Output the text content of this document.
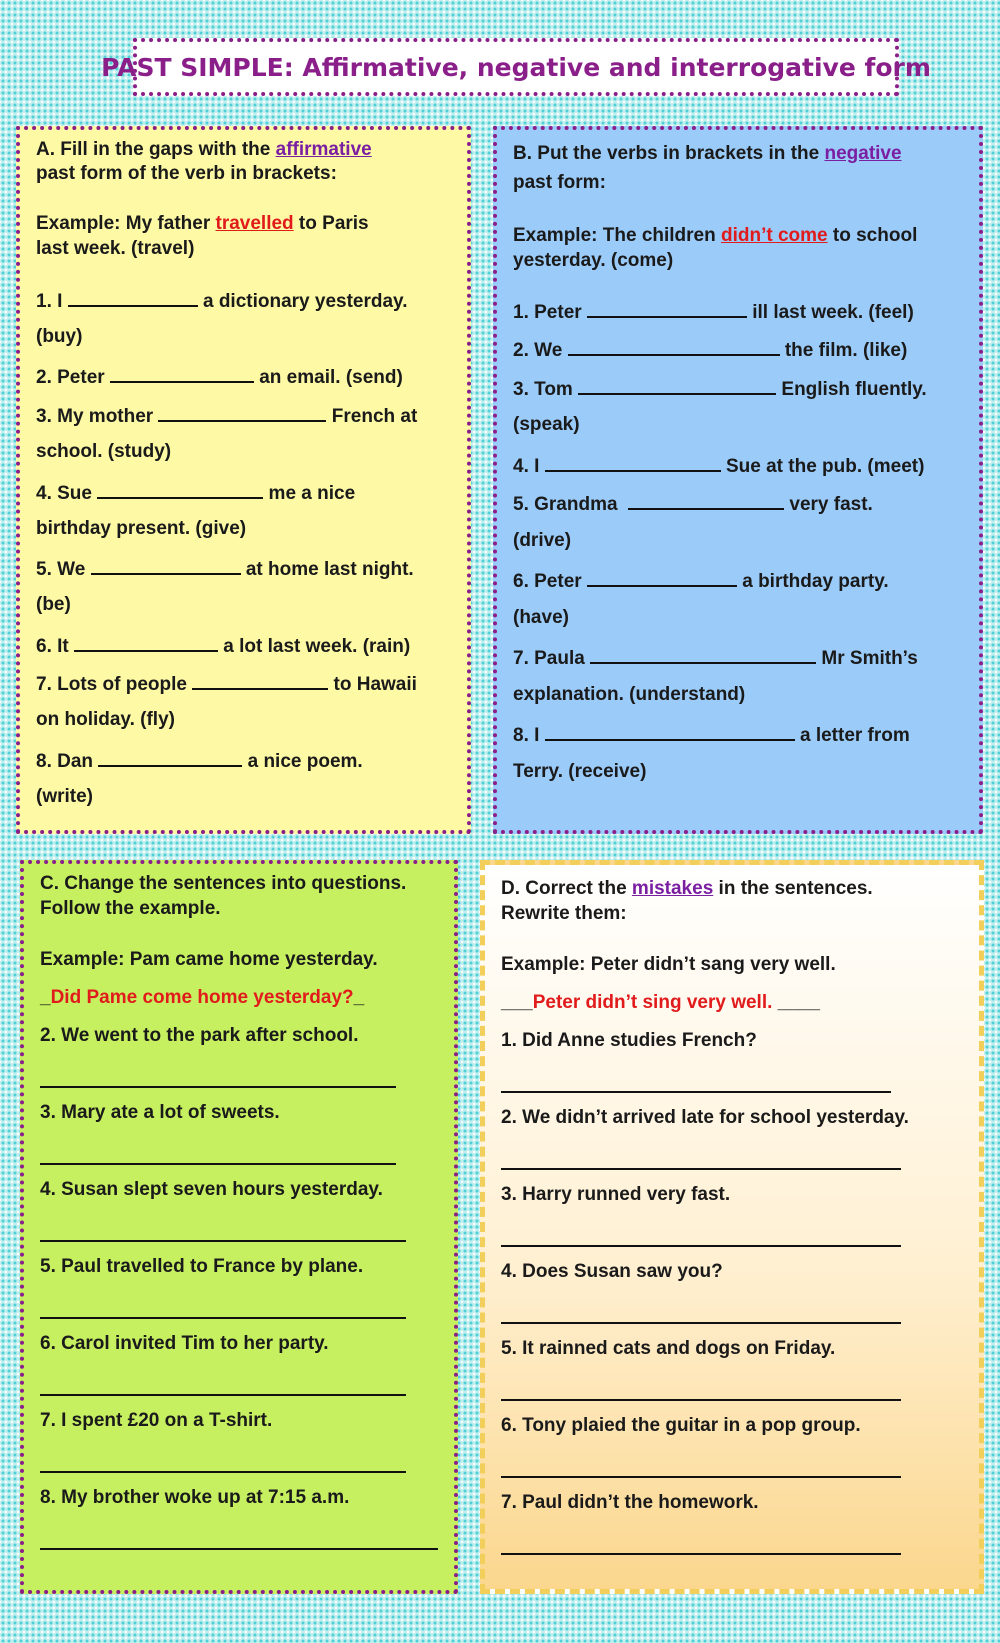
PAST SIMPLE: Affirmative, negative and interrogative form
A. Fill in the gaps with the affirmative
past form of the verb in brackets:
Example: My father travelled to Paris
last week. (travel)
1. I	a dictionary yesterday.
(buy)
2. Peter	an email. (send)
3. My mother	French at
school. (study)
4. Sue	me a nice
birthday present. (give)
5. We	at home last night.
(be)
6. It	a lot last week. (rain)
7. Lots of people	to Hawaii
on holiday. (fly)
8. Dan	a nice poem.
(write)
B. Put the verbs in brackets in the negative
past form:
Example: The children didn’t come to school
yesterday. (come)
1. Peter	ill last week. (feel)
2. We	the film. (like)
3. Tom	English fluently.
(speak)
4. I	Sue at the pub. (meet)
5. Grandma	very fast.
(drive)
6. Peter	a birthday party.
(have)
7. Paula	Mr Smith’s
explanation. (understand)
8. I	a letter from
Terry. (receive)
C. Change the sentences into questions.
Follow the example.
Example: Pam came home yesterday.
_Did Pame come home yesterday?_
2. We went to the park after school.
3. Mary ate a lot of sweets.
4. Susan slept seven hours yesterday.
5. Paul travelled to France by plane.
6. Carol invited Tim to her party.
7. I spent £20 on a T-shirt.
8. My brother woke up at 7:15 a.m.
D. Correct the mistakes in the sentences.
Rewrite them:
Example: Peter didn’t sang very well.
___Peter didn’t sing very well. ____
1. Did Anne studies French?
2. We didn’t arrived late for school yesterday.
3. Harry runned very fast.
4. Does Susan saw you?
5. It rainned cats and dogs on Friday.
6. Tony plaied the guitar in a pop group.
7. Paul didn’t the homework.
